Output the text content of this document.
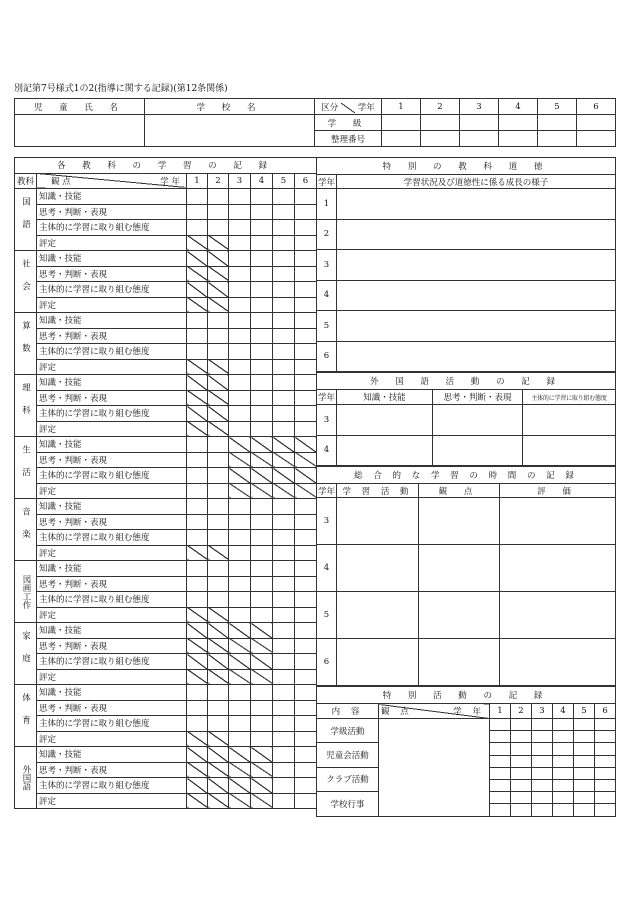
別記第7号様式1の2(指導に関する記録)(第12条関係)
児 童 氏 名	学 校 名	区分 学年	1	2	3	4	5	6
		学 級						
		整理番号						
各 教 科 の 学 習 の 記 録							
教科	観 点 学 年	1	2	3	4	5	6

国語	知識・技能						
	思考・判断・表現						
	主体的に学習に取り組む態度						
	評定						

社会	知識・技能						
	思考・判断・表現						
	主体的に学習に取り組む態度						
	評定						

算数	知識・技能						
	思考・判断・表現						
	主体的に学習に取り組む態度						
	評定						

理科	知識・技能						
	思考・判断・表現						
	主体的に学習に取り組む態度						
	評定						

生活	知識・技能						
	思考・判断・表現						
	主体的に学習に取り組む態度						
	評定						

音楽	知識・技能						
	思考・判断・表現						
	主体的に学習に取り組む態度						
	評定						

図画工作	知識・技能						
	思考・判断・表現						
	主体的に学習に取り組む態度						
	評定						

家庭	知識・技能						
	思考・判断・表現						
	主体的に学習に取り組む態度						
	評定						

体育	知識・技能						
	思考・判断・表現						
	主体的に学習に取り組む態度						
	評定						

外国語	知識・技能						
	思考・判断・表現						
	主体的に学習に取り組む態度						
	評定						
特 別 の 教 科 道 徳	
学年	学習状況及び道徳性に係る成長の様子
1	
2	
3	
4	
5	
6	
外 国 語 活 動 の 記 録			
学年	知識・技能	思考・判断・表現	主体的に学習に取り組む態度
3			
4			
総 合 的 な 学 習 の 時 間 の 記 録			
学年	学 習 活 動	観 点	評 価
3			
4			
5			
6			
特 別 活 動 の 記 録							
内 容	観 点 学 年	1	2	3	4	5	6
学級活動							

児童会活動							

クラブ活動							

学校行事							
